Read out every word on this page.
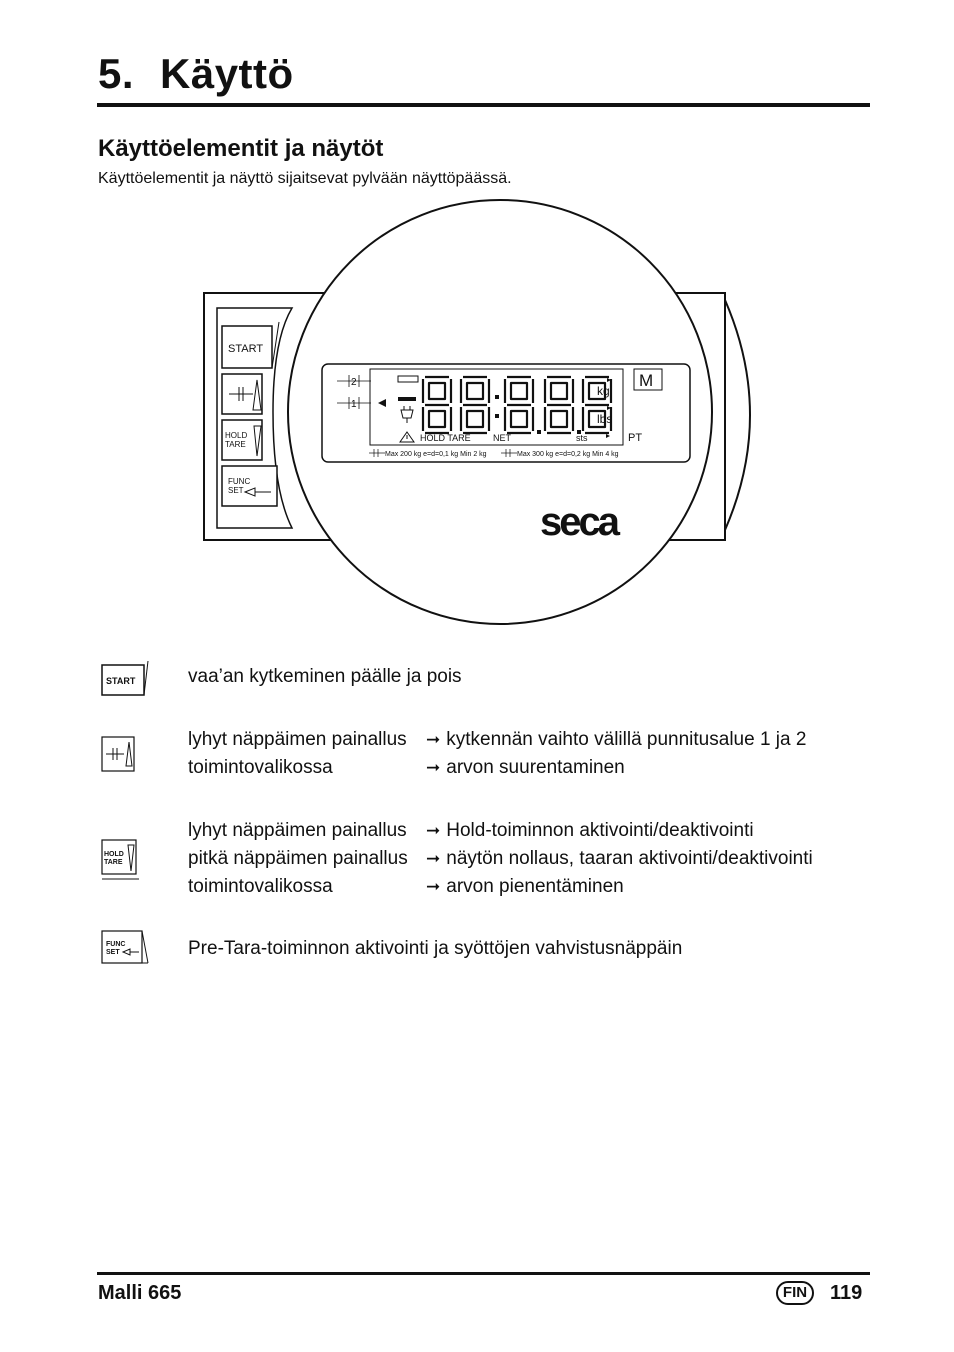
5. Käyttö
Käyttöelementit ja näytöt

Käyttöelementit ja näyttö sijaitsevat pylvään näyttöpäässä.

START
HOLD
TARE
FUNC
SET
2
1
kg
lbs
M
PT
HOLD TARE NET	sts
Max 200 kg e=d=0,1 kg Min 2 kg	Max 300 kg e=d=0,2 kg Min 4 kg
seca
START	vaa’an kytkeminen päälle ja pois
lyhyt näppäimen painallus	➞ kytkennän vaihto välillä punnitusalue 1 ja 2
toimintovalikossa	➞ arvon suurentaminen
HOLD
TARE
lyhyt näppäimen painallus	➞ Hold-toiminnon aktivointi/deaktivointi
pitkä näppäimen painallus	➞ näytön nollaus, taaran aktivointi/deaktivointi
toimintovalikossa	➞ arvon pienentäminen
FUNC
SET	Pre-Tara-toiminnon aktivointi ja syöttöjen vahvistusnäppäin
Malli 665	FIN	119
